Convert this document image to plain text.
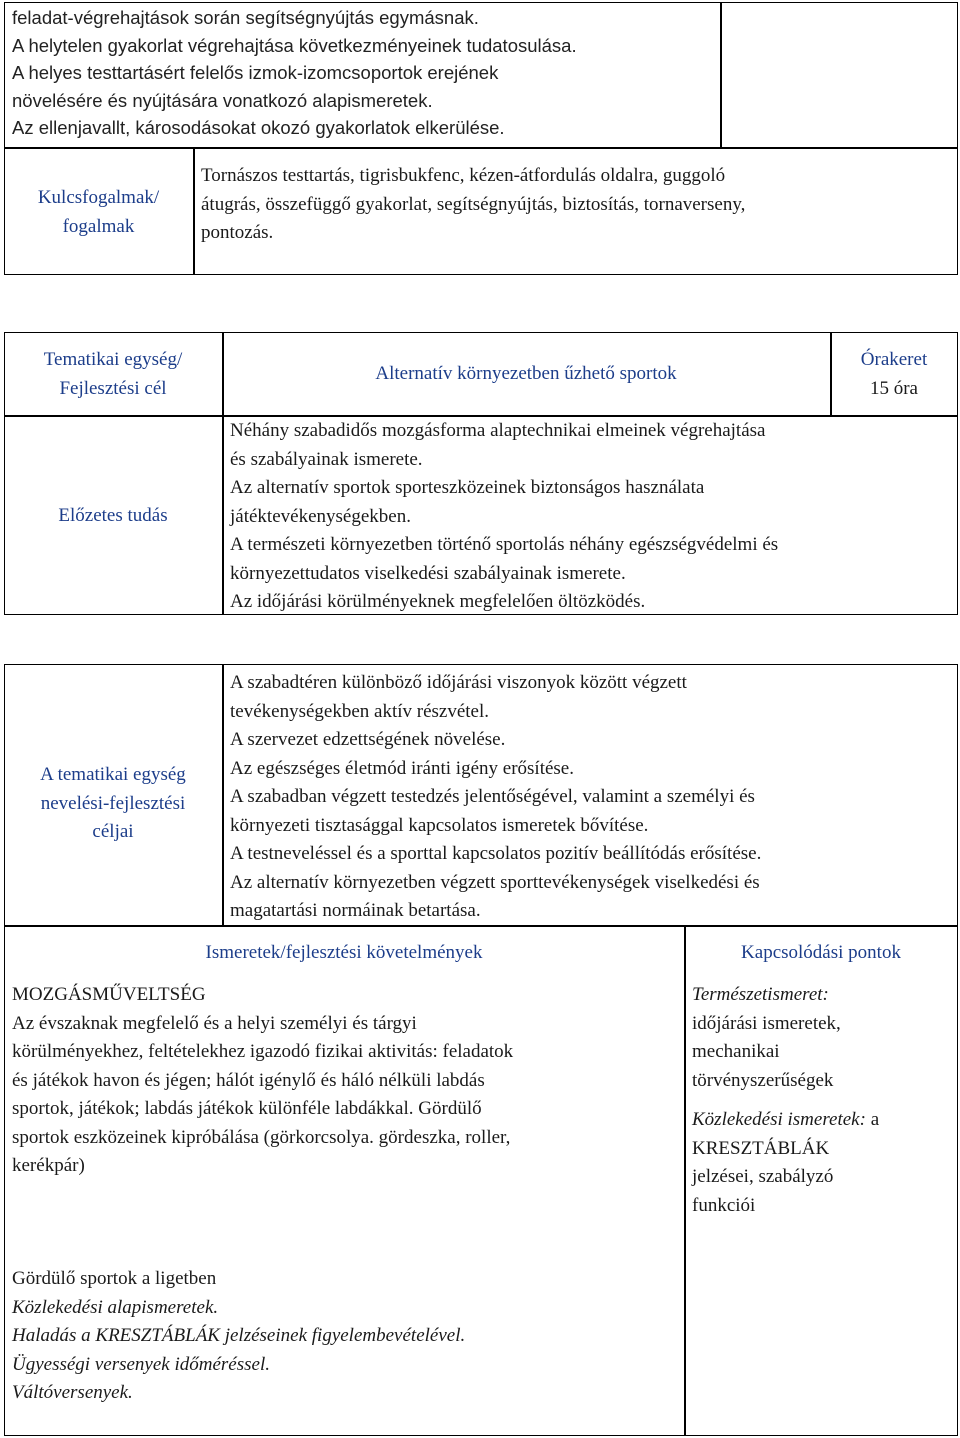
feladat-végrehajtások során segítségnyújtás egymásnak.
A helytelen gyakorlat végrehajtása következményeinek tudatosulása.
A helyes testtartásért felelős izmok-izomcsoportok erejének
növelésére és nyújtására vonatkozó alapismeretek.
Az ellenjavallt, károsodásokat okozó gyakorlatok elkerülése.
Kulcsfogalmak/
fogalmak
Tornászos testtartás, tigrisbukfenc, kézen-átfordulás oldalra, guggoló
átugrás, összefüggő gyakorlat, segítségnyújtás, biztosítás, tornaverseny,
pontozás.
Tematikai egység/
Fejlesztési cél
Alternatív környezetben űzhető sportok
Órakeret
15 óra
Előzetes tudás
Néhány szabadidős mozgásforma alaptechnikai elmeinek végrehajtása
és szabályainak ismerete.
Az alternatív sportok sporteszközeinek biztonságos használata
játéktevékenységekben.
A természeti környezetben történő sportolás néhány egészségvédelmi és
környezettudatos viselkedési szabályainak ismerete.
Az időjárási körülményeknek megfelelően öltözködés.
A tematikai egység
nevelési-fejlesztési
céljai
A szabadtéren különböző időjárási viszonyok között végzett
tevékenységekben aktív részvétel.
A szervezet edzettségének növelése.
Az egészséges életmód iránti igény erősítése.
A szabadban végzett testedzés jelentőségével, valamint a személyi és
környezeti tisztasággal kapcsolatos ismeretek bővítése.
A testneveléssel és a sporttal kapcsolatos pozitív beállítódás erősítése.
Az alternatív környezetben végzett sporttevékenységek viselkedési és
magatartási normáinak betartása.
Ismeretek/fejlesztési követelmények	Kapcsolódási pontok
MOZGÁSMŰVELTSÉG
Az évszaknak megfelelő és a helyi személyi és tárgyi
körülményekhez, feltételekhez igazodó fizikai aktivitás: feladatok
és játékok havon és jégen; hálót igénylő és háló nélküli labdás
sportok, játékok; labdás játékok különféle labdákkal. Gördülő
sportok eszközeinek kipróbálása (görkorcsolya. gördeszka, roller,
kerékpár)
Gördülő sportok a ligetben
Közlekedési alapismeretek.
Haladás a KRESZTÁBLÁK jelzéseinek figyelembevételével.
Ügyességi versenyek időméréssel.
Váltóversenyek.
Természetismeret:
időjárási ismeretek,
mechanikai
törvényszerűségek
Közlekedési ismeretek: a
KRESZTÁBLÁK
jelzései, szabályzó
funkciói
